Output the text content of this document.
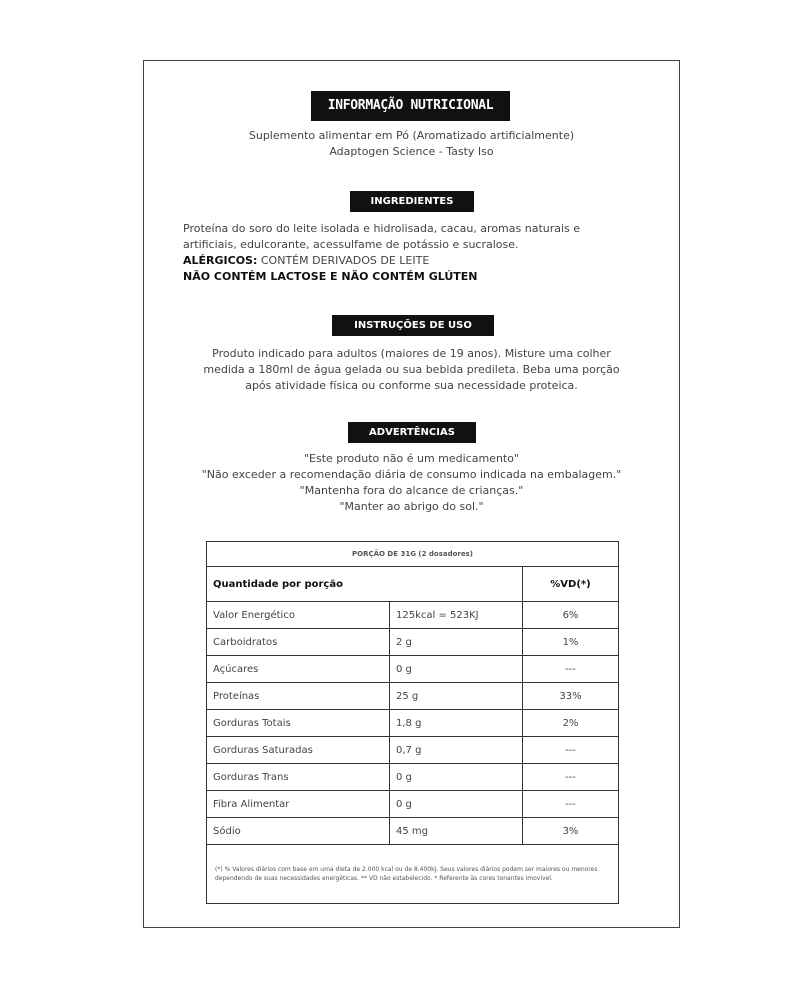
INFORMAÇÃO NUTRICIONAL
Suplemento alimentar em Pó (Aromatizado artificialmente)
Adaptogen Science - Tasty Iso
INGREDIENTES
Proteína do soro do leite isolada e hidrolisada, cacau, aromas naturais e
artificiais, edulcorante, acessulfame de potássio e sucralose.
ALÉRGICOS: CONTÉM DERIVADOS DE LEITE
NÃO CONTÉM LACTOSE E NÃO CONTÉM GLÚTEN
INSTRUÇÕES DE USO
Produto indicado para adultos (maiores de 19 anos). Misture uma colher
medida a 180ml de água gelada ou sua bebida predileta. Beba uma porção
após atividade física ou conforme sua necessidade proteica.
ADVERTÊNCIAS
"Este produto não é um medicamento"
"Não exceder a recomendação diária de consumo indicada na embalagem."
"Mantenha fora do alcance de crianças."
"Manter ao abrigo do sol."
PORÇÃO DE 31G (2 dosadores)		
Quantidade por porção		%VD(*)
Valor Energético	125kcal = 523KJ	6%
Carboidratos	2 g	1%
Açúcares	0 g	---
Proteínas	25 g	33%
Gorduras Totais	1,8 g	2%
Gorduras Saturadas	0,7 g	---
Gorduras Trans	0 g	---
Fibra Alimentar	0 g	---
Sódio	45 mg	3%
(*) % Valores diários com base em uma dieta de 2.000 kcal ou de 8.400kJ. Seus valores diários podem ser maiores ou menores dependendo de suas necessidades energéticas. ** VD não estabelecido. * Referente às cores tonantes imovível.		
